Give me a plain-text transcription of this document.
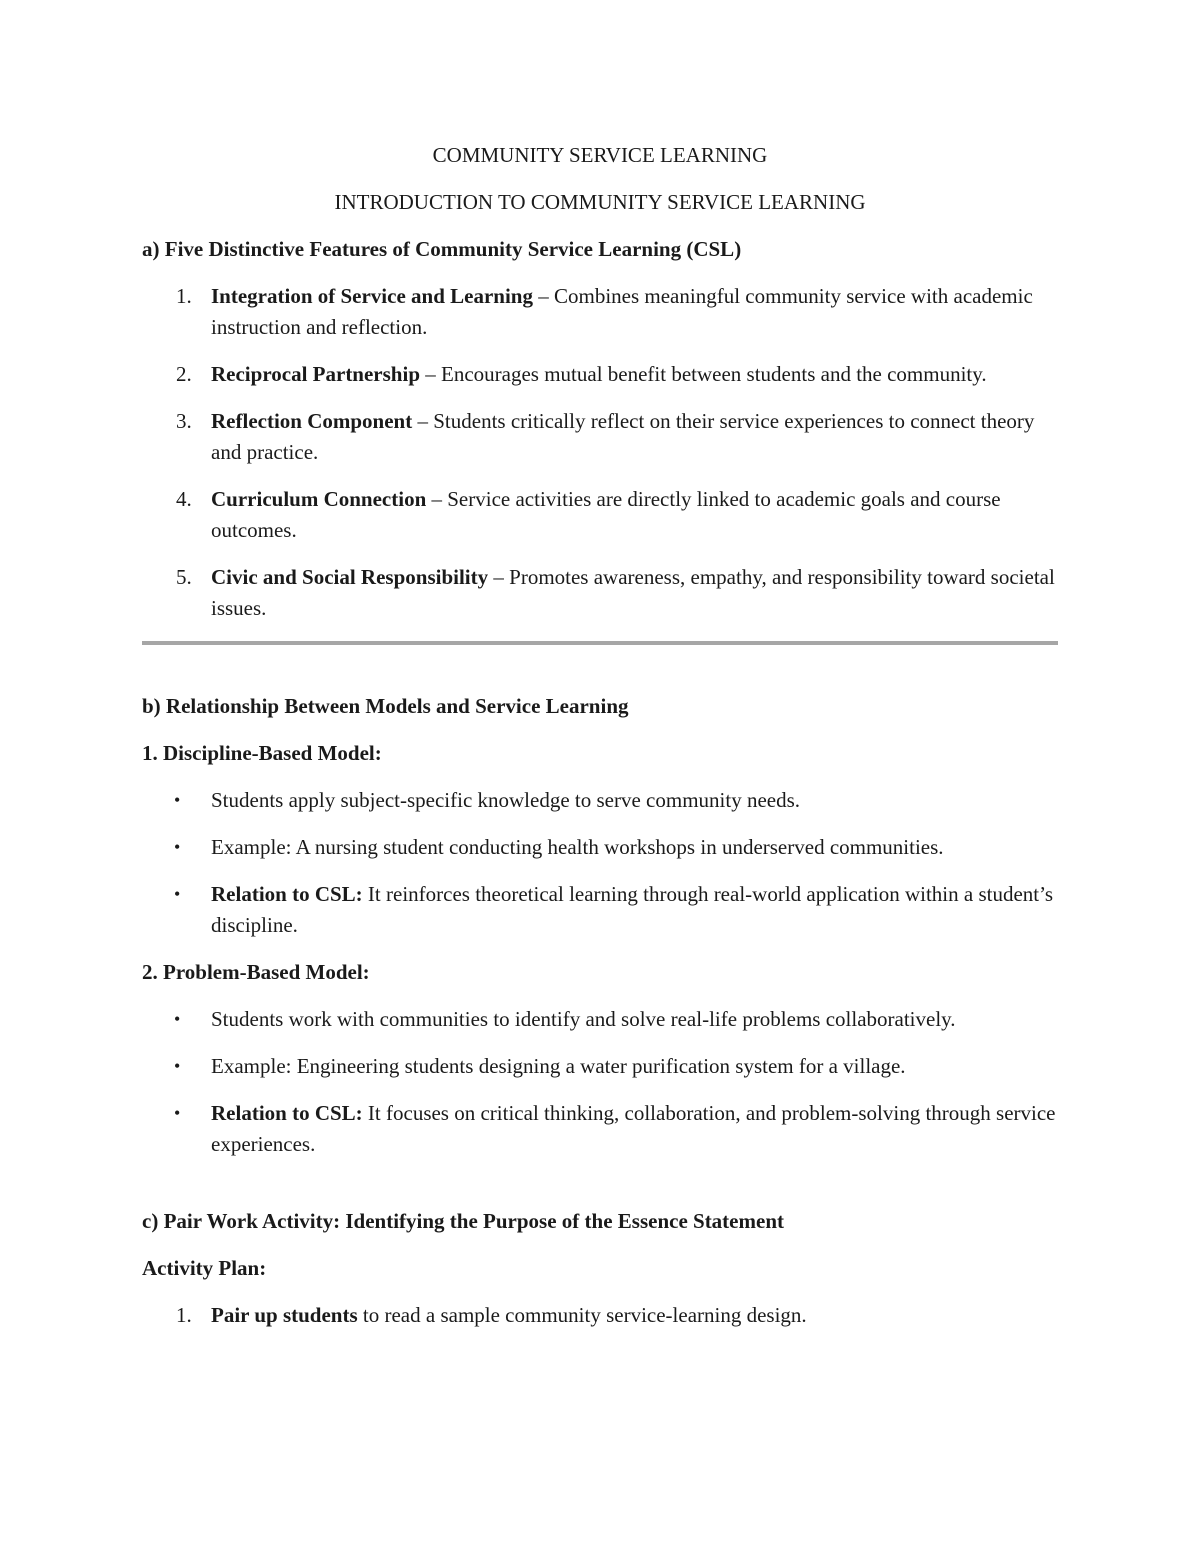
COMMUNITY SERVICE LEARNING
INTRODUCTION TO COMMUNITY SERVICE LEARNING
a) Five Distinctive Features of Community Service Learning (CSL)
1. Integration of Service and Learning – Combines meaningful community service with academic instruction and reflection.
2. Reciprocal Partnership – Encourages mutual benefit between students and the community.
3. Reflection Component – Students critically reflect on their service experiences to connect theory and practice.
4. Curriculum Connection – Service activities are directly linked to academic goals and course outcomes.
5. Civic and Social Responsibility – Promotes awareness, empathy, and responsibility toward societal issues.
b) Relationship Between Models and Service Learning
1. Discipline-Based Model:
• Students apply subject-specific knowledge to serve community needs.
• Example: A nursing student conducting health workshops in underserved communities.
• Relation to CSL: It reinforces theoretical learning through real-world application within a student’s discipline.
2. Problem-Based Model:
• Students work with communities to identify and solve real-life problems collaboratively.
• Example: Engineering students designing a water purification system for a village.
• Relation to CSL: It focuses on critical thinking, collaboration, and problem-solving through service experiences.
c) Pair Work Activity: Identifying the Purpose of the Essence Statement
Activity Plan:
1. Pair up students to read a sample community service-learning design.
